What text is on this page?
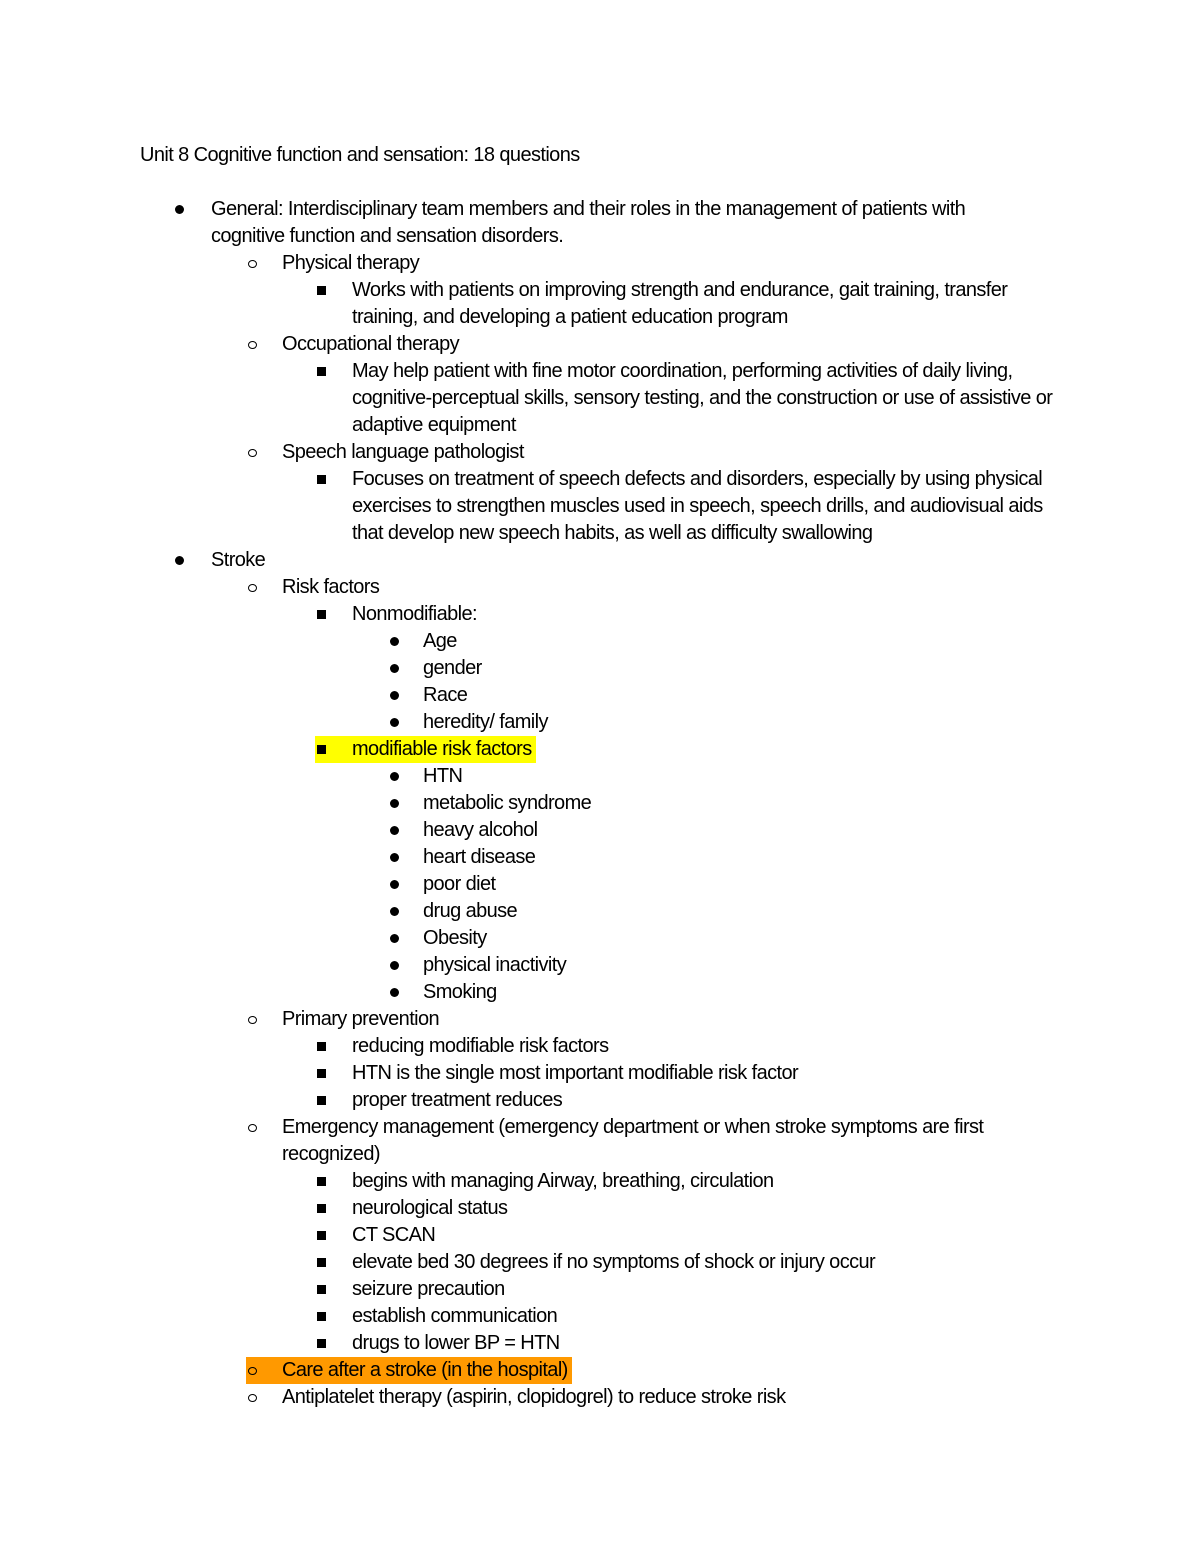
Unit 8 Cognitive function and sensation: 18 questions
General: Interdisciplinary team members and their roles in the management of patients with cognitive function and sensation disorders.
Physical therapy
Works with patients on improving strength and endurance, gait training, transfer training, and developing a patient education program
Occupational therapy
May help patient with fine motor coordination, performing activities of daily living, cognitive-perceptual skills, sensory testing, and the construction or use of assistive or adaptive equipment
Speech language pathologist
Focuses on treatment of speech defects and disorders, especially by using physical exercises to strengthen muscles used in speech, speech drills, and audiovisual aids that develop new speech habits, as well as difficulty swallowing
Stroke
Risk factors
Nonmodifiable:
Age
gender
Race
heredity/ family
modifiable risk factors
HTN
metabolic syndrome
heavy alcohol
heart disease
poor diet
drug abuse
Obesity
physical inactivity
Smoking
Primary prevention
reducing modifiable risk factors
HTN is the single most important modifiable risk factor
proper treatment reduces
Emergency management (emergency department or when stroke symptoms are first recognized)
begins with managing Airway, breathing, circulation
neurological status
CT SCAN
elevate bed 30 degrees if no symptoms of shock or injury occur
seizure precaution
establish communication
drugs to lower BP = HTN
Care after a stroke (in the hospital)
Antiplatelet therapy (aspirin, clopidogrel) to reduce stroke risk
